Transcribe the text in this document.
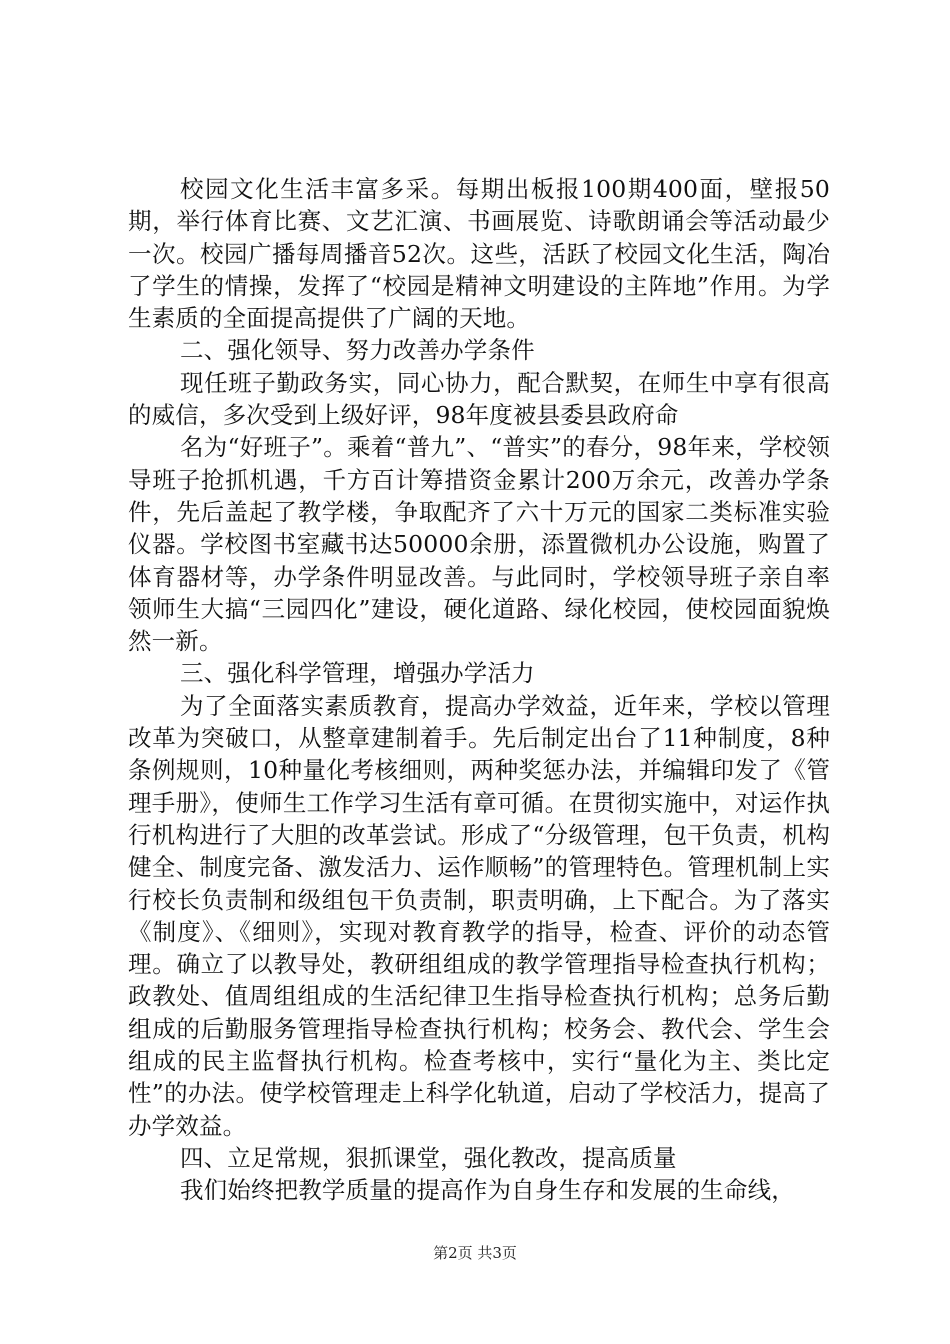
校园文化生活丰富多采。每期出板报100期400面，壁报50期，举行体育比赛、文艺汇演、书画展览、诗歌朗诵会等活动最少一次。校园广播每周播音52次。这些，活跃了校园文化生活，陶冶了学生的情操，发挥了“校园是精神文明建设的主阵地”作用。为学生素质的全面提高提供了广阔的天地。

二、强化领导、努力改善办学条件

现任班子勤政务实，同心协力，配合默契，在师生中享有很高的威信，多次受到上级好评，98年度被县委县政府命

名为“好班子”。乘着“普九”、“普实”的春分，98年来，学校领导班子抢抓机遇，千方百计筹措资金累计200万余元，改善办学条件，先后盖起了教学楼，争取配齐了六十万元的国家二类标准实验仪器。学校图书室藏书达50000余册，添置微机办公设施，购置了体育器材等，办学条件明显改善。与此同时，学校领导班子亲自率领师生大搞“三园四化”建设，硬化道路、绿化校园，使校园面貌焕然一新。

三、强化科学管理，增强办学活力

为了全面落实素质教育，提高办学效益，近年来，学校以管理改革为突破口，从整章建制着手。先后制定出台了11种制度，8种条例规则，10种量化考核细则，两种奖惩办法，并编辑印发了《管理手册》，使师生工作学习生活有章可循。在贯彻实施中，对运作执行机构进行了大胆的改革尝试。形成了“分级管理，包干负责，机构健全、制度完备、激发活力、运作顺畅”的管理特色。管理机制上实行校长负责制和级组包干负责制，职责明确，上下配合。为了落实《制度》、《细则》，实现对教育教学的指导，检查、评价的动态管理。确立了以教导处，教研组组成的教学管理指导检查执行机构；政教处、值周组组成的生活纪律卫生指导检查执行机构；总务后勤组成的后勤服务管理指导检查执行机构；校务会、教代会、学生会组成的民主监督执行机构。检查考核中，实行“量化为主、类比定性”的办法。使学校管理走上科学化轨道，启动了学校活力，提高了办学效益。

四、立足常规，狠抓课堂，强化教改，提高质量

我们始终把教学质量的提高作为自身生存和发展的生命线，

第2页 共3页
